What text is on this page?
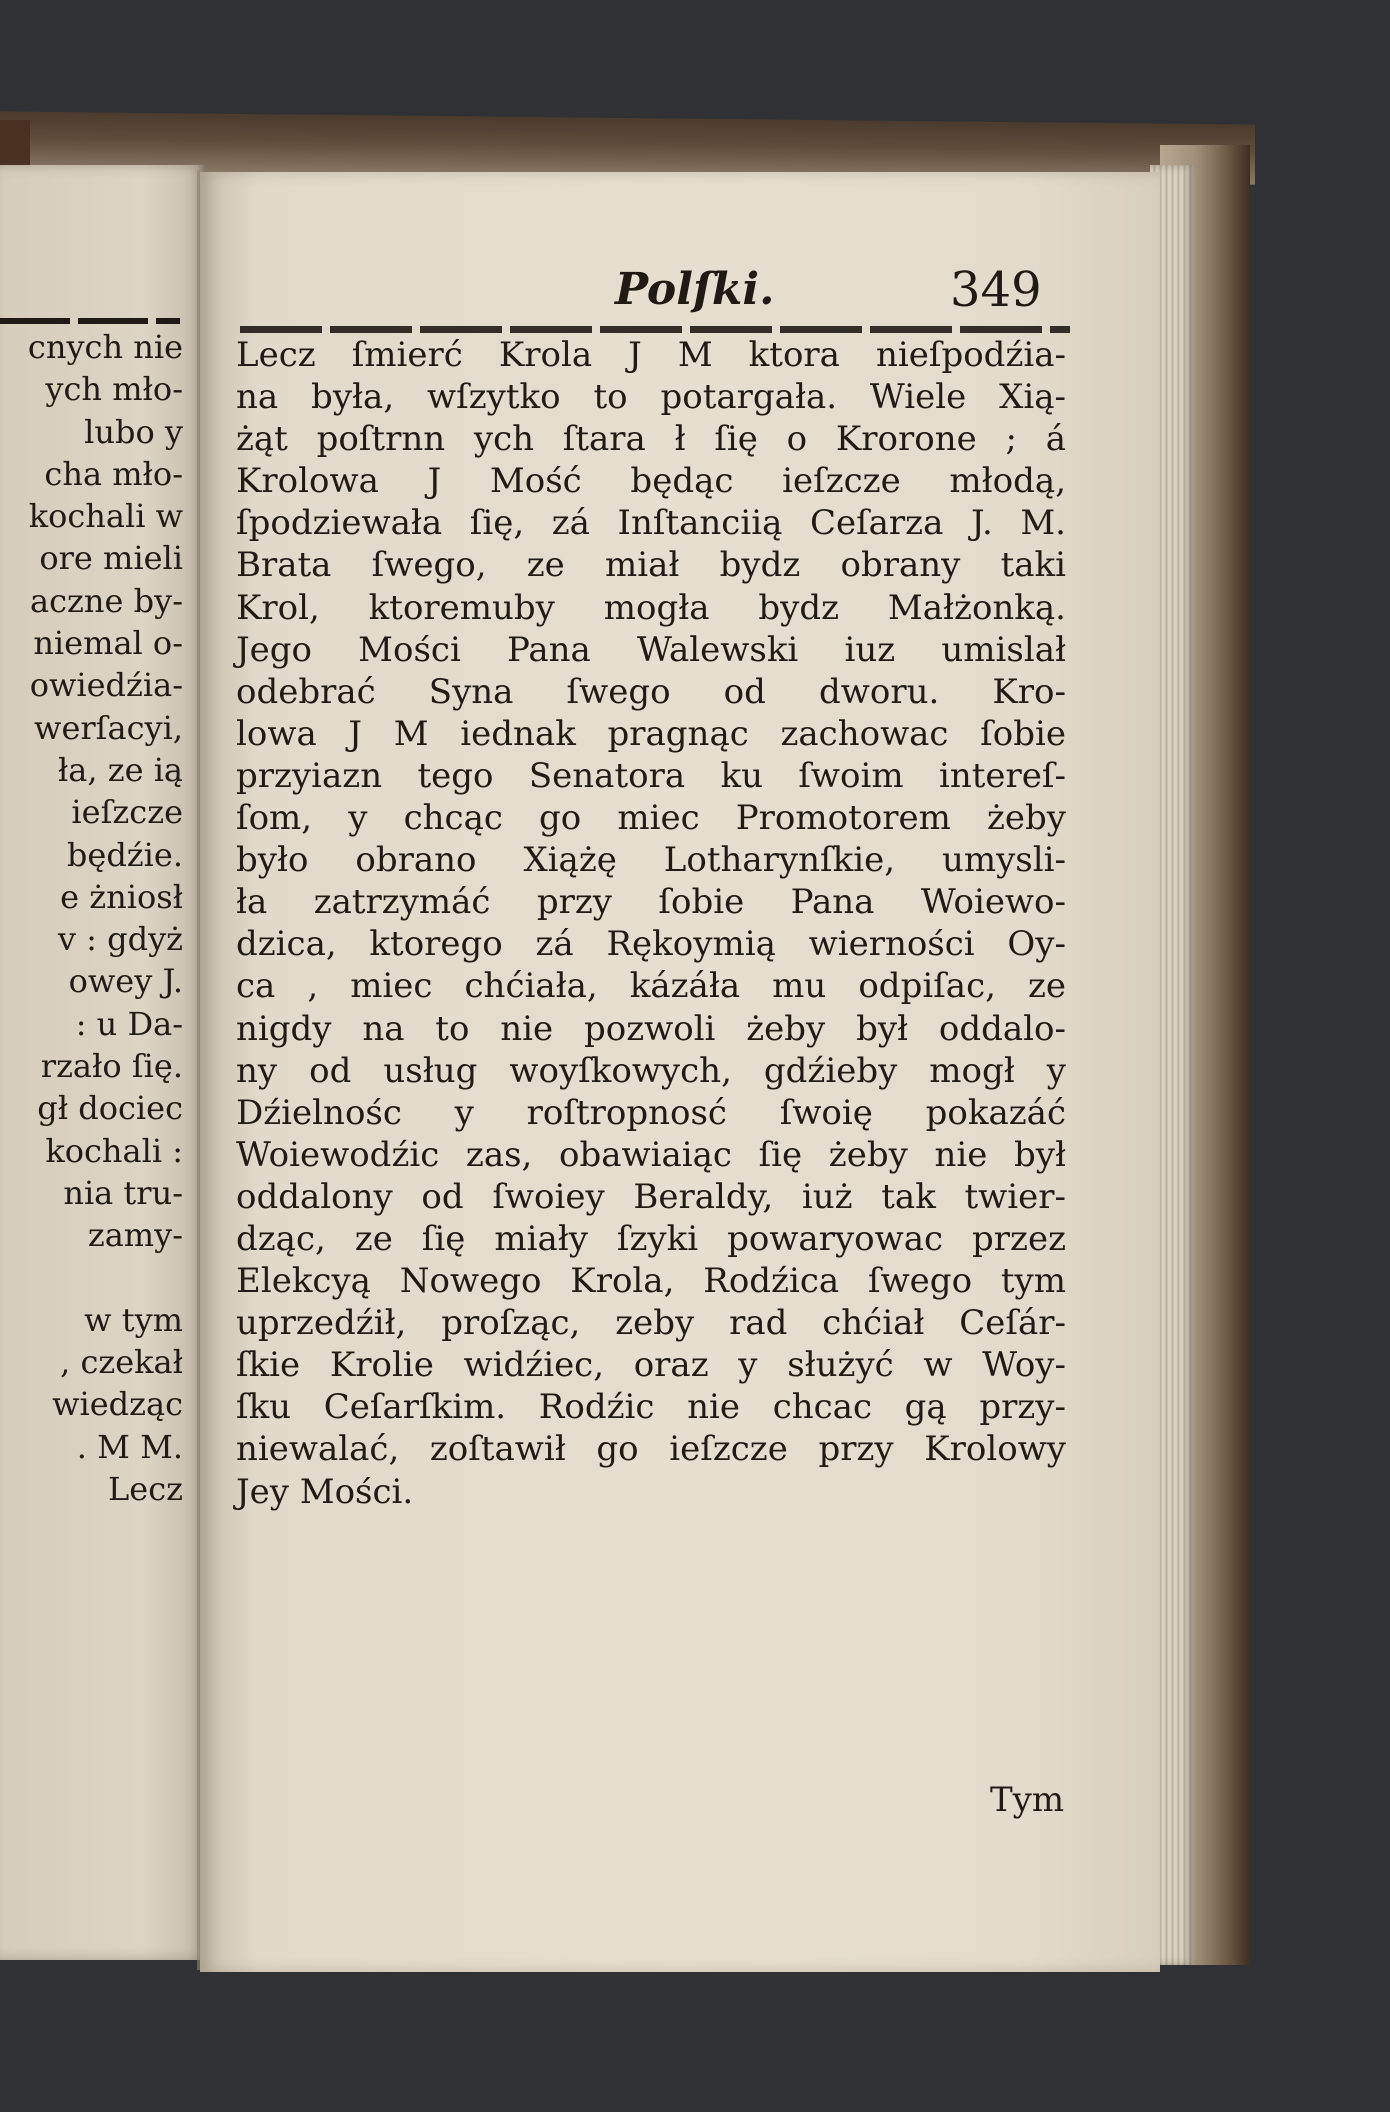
cnych nie
ych mło-
lubo y
cha mło-
kochali w
ore mieli
aczne by-
niemal o-
owiedźia-
werſacyi,
ła, ze ią
ieſzcze
będźie.
e żniosł
v : gdyż
owey J.
: u Da-
rzało ſię.
gł dociec
kochali :
nia tru-
zamy-
w tym
, czekał
wiedząc
. M M.
Lecz
Polſki.	349
Lecz ſmierć Krola J M ktora nieſpodźia-
na była, wſzytko to potargała. Wiele Xią-
żąt poſtrnn ych ſtara ł ſię o Krorone ; á
Krolowa J Mość będąc ieſzcze młodą,
ſpodziewała ſię, zá Inſtanciią Ceſarza J. M.
Brata ſwego, ze miał bydz obrany taki
Krol, ktoremuby mogła bydz Małżonką.
Jego Mości Pana Walewski iuz umislał
odebrać Syna ſwego od dworu. Kro-
lowa J M iednak pragnąc zachowac ſobie
przyiazn tego Senatora ku ſwoim intereſ-
ſom, y chcąc go miec Promotorem żeby
było obrano Xiążę Lotharynſkie, umysli-
ła zatrzymáć przy ſobie Pana Woiewo-
dzica, ktorego zá Rękoymią wierności Oy-
ca , miec chćiała, kázáła mu odpiſac, ze
nigdy na to nie pozwoli żeby był oddalo-
ny od usług woyſkowych, gdźieby mogł y
Dźielnośc y roſtropnosć ſwoię pokazáć
Woiewodźic zas, obawiaiąc ſię żeby nie był
oddalony od ſwoiey Beraldy, iuż tak twier-
dząc, ze ſię miały ſzyki powaryowac przez
Elekcyą Nowego Krola, Rodźica ſwego tym
uprzedźił, proſząc, zeby rad chćiał Ceſár-
ſkie Krolie widźiec, oraz y służyć w Woy-
ſku Ceſarſkim. Rodźic nie chcac gą przy-
niewalać, zoſtawił go ieſzcze przy Krolowy
Jey Mości.
Tym
